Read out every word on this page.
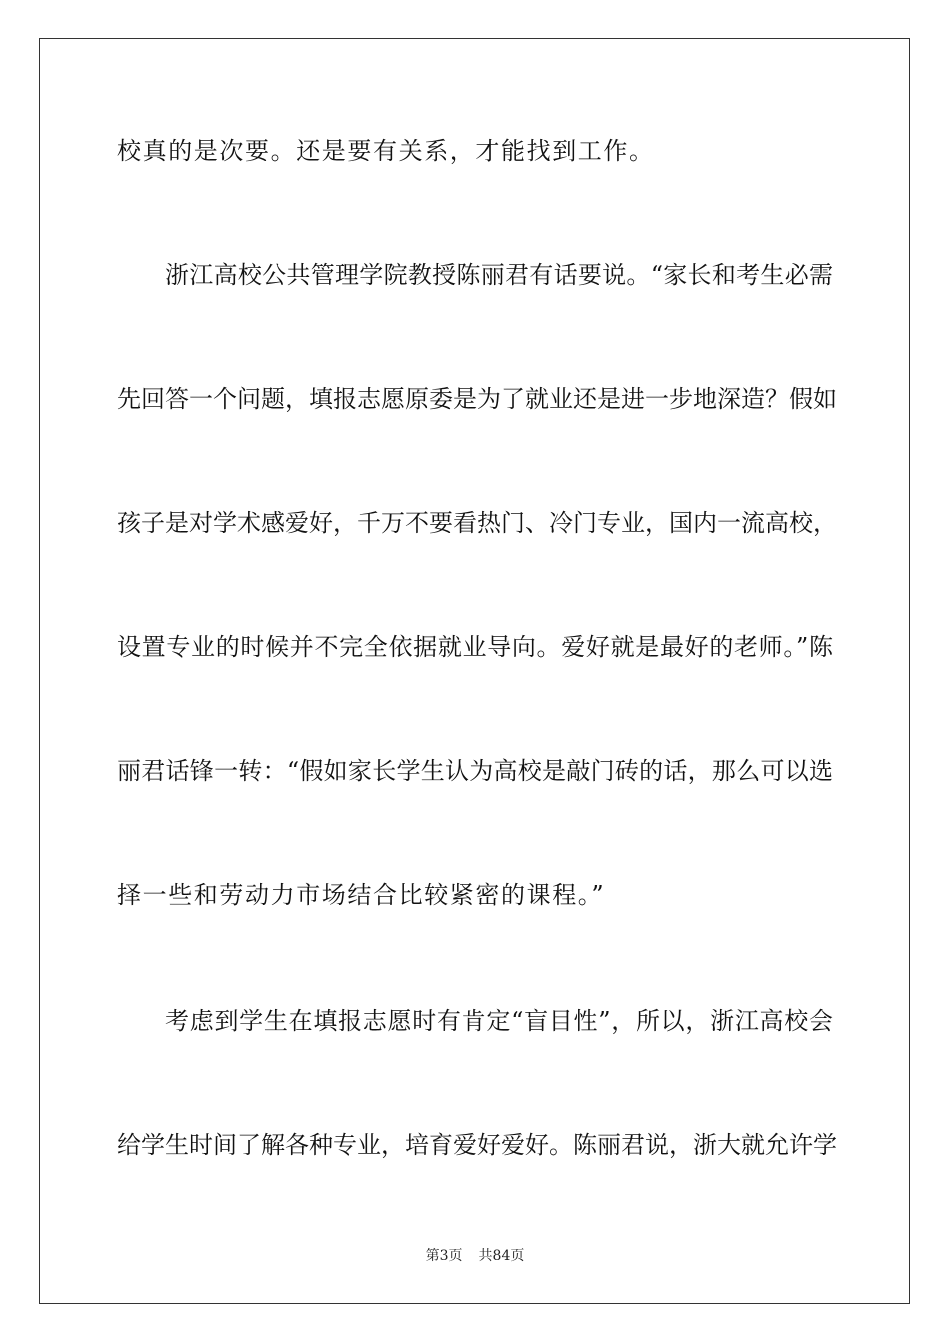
校真的是次要。还是要有关系，才能找到工作。
浙江高校公共管理学院教授陈丽君有话要说。“家长和考生必需
先回答一个问题，填报志愿原委是为了就业还是进一步地深造？假如
孩子是对学术感爱好，千万不要看热门、冷门专业，国内一流高校，
设置专业的时候并不完全依据就业导向。爱好就是最好的老师。”陈
丽君话锋一转：“假如家长学生认为高校是敲门砖的话，那么可以选
择一些和劳动力市场结合比较紧密的课程。”
考虑到学生在填报志愿时有肯定“盲目性”，所以，浙江高校会
给学生时间了解各种专业，培育爱好爱好。陈丽君说，浙大就允许学
第3页 共84页
